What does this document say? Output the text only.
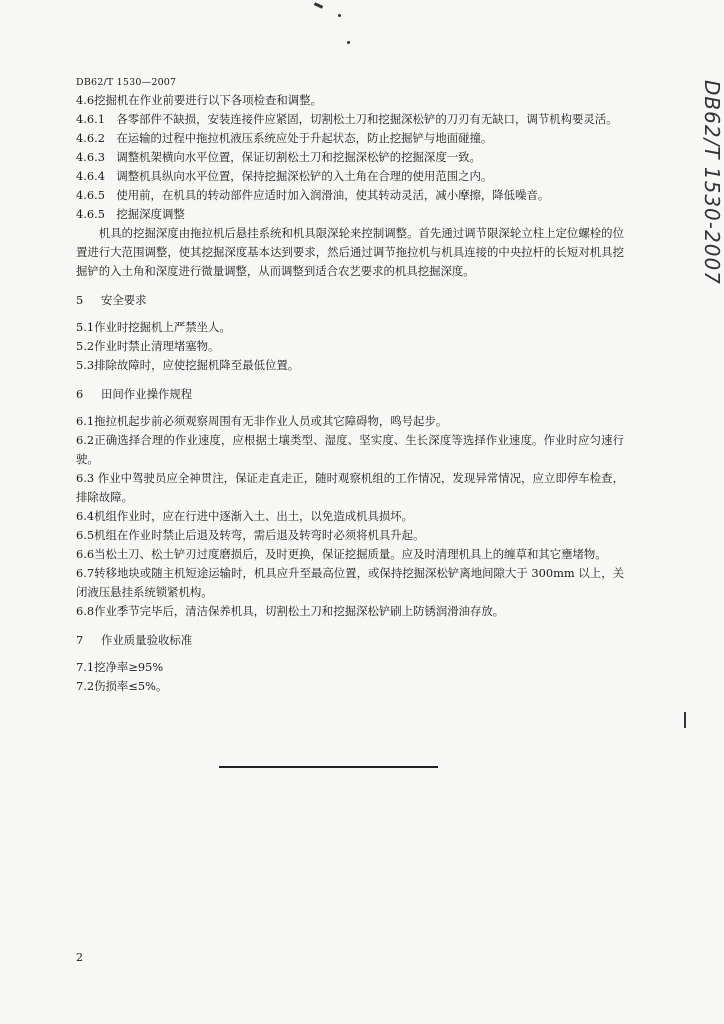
DB62/T 1530—2007
4.6挖掘机在作业前要进行以下各项检查和调整。
4.6.1　 各零部件不缺损，安装连接件应紧固，切割松土刀和挖掘深松铲的刀刃有无缺口，调节机构要灵活。
4.6.2　 在运输的过程中拖拉机液压系统应处于升起状态，防止挖掘铲与地面碰撞。
4.6.3　 调整机架横向水平位置，保证切割松土刀和挖掘深松铲的挖掘深度一致。
4.6.4　 调整机具纵向水平位置，保持挖掘深松铲的入土角在合理的使用范围之内。
4.6.5　 使用前，在机具的转动部件应适时加入润滑油，使其转动灵活，减小摩擦，降低噪音。
4.6.5　 挖掘深度调整

机具的挖掘深度由拖拉机后悬挂系统和机具限深轮来控制调整。首先通过调节限深轮立柱上定位螺栓的位置进行大范围调整，使其挖掘深度基本达到要求，然后通过调节拖拉机与机具连接的中央拉杆的长短对机具挖掘铲的入土角和深度进行微量调整，从而调整到适合农艺要求的机具挖掘深度。

5	安全要求

5.1作业时挖掘机上严禁坐人。

5.2作业时禁止清理堵塞物。

5.3排除故障时，应使挖掘机降至最低位置。

6	田间作业操作规程

6.1拖拉机起步前必须观察周围有无非作业人员或其它障碍物，鸣号起步。

6.2正确选择合理的作业速度，应根据土壤类型、湿度、坚实度、生长深度等选择作业速度。作业时应匀速行驶。

6.3 作业中驾驶员应全神贯注，保证走直走正，随时观察机组的工作情况，发现异常情况，应立即停车检查，排除故障。

6.4机组作业时，应在行进中逐渐入土、出土，以免造成机具损坏。

6.5机组在作业时禁止后退及转弯，需后退及转弯时必须将机具升起。

6.6当松土刀、松土铲刃过度磨损后，及时更换，保证挖掘质量。应及时清理机具上的缠草和其它壅堵物。

6.7转移地块或随主机短途运输时，机具应升至最高位置，或保持挖掘深松铲离地间隙大于 300mm 以上，关闭液压悬挂系统锁紧机构。

6.8作业季节完毕后，清洁保养机具，切割松土刀和挖掘深松铲刷上防锈润滑油存放。

7	作业质量验收标准

7.1挖净率≥95%

7.2伤损率≤5%。

2
DB62/T 1530-2007
